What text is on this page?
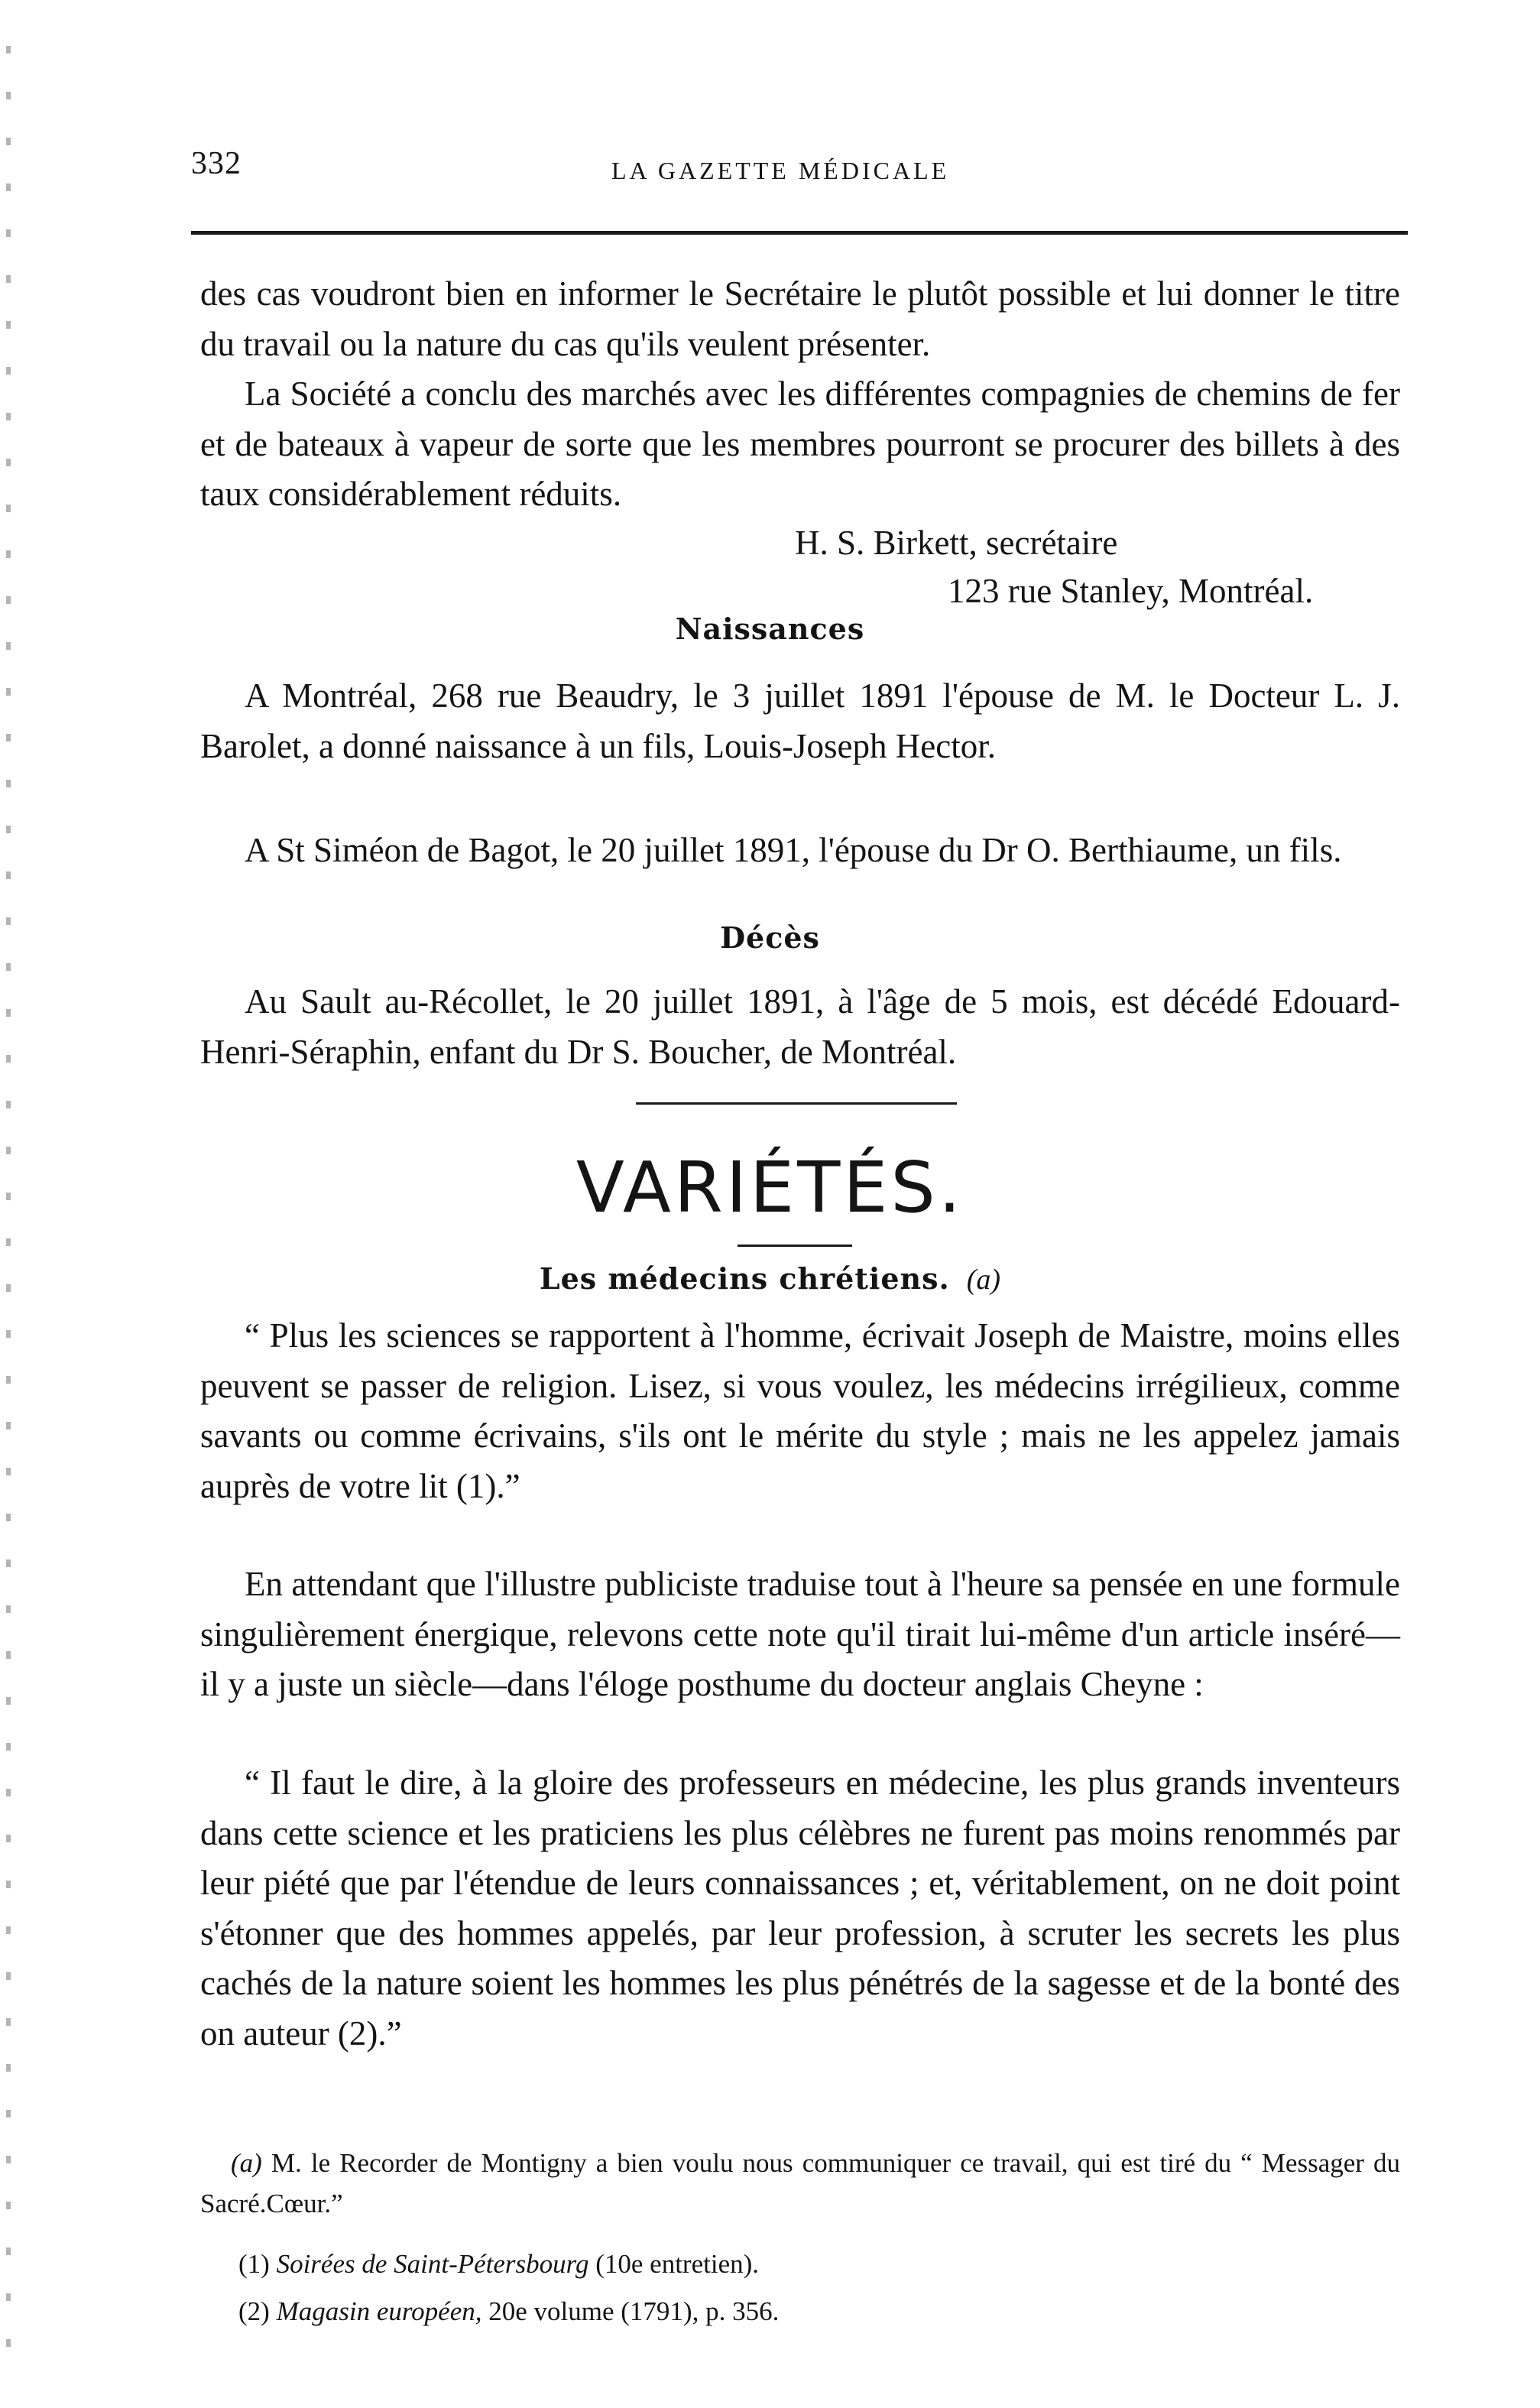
332	LA GAZETTE MÉDICALE
des cas voudront bien en informer le Secrétaire le plutôt possible et lui donner le titre du travail ou la nature du cas qu'ils veulent présenter.
La Société a conclu des marchés avec les différentes compagnies de chemins de fer et de bateaux à vapeur de sorte que les membres pourront se procurer des billets à des taux considérablement réduits.
H. S. Birkett, secrétaire
123 rue Stanley, Montréal.
Naissances
A Montréal, 268 rue Beaudry, le 3 juillet 1891 l'épouse de M. le Docteur L. J. Barolet, a donné naissance à un fils, Louis-Joseph Hector.
A St Siméon de Bagot, le 20 juillet 1891, l'épouse du Dr O. Berthiaume, un fils.
Décès
Au Sault au-Récollet, le 20 juillet 1891, à l'âge de 5 mois, est décédé Edouard-Henri-Séraphin, enfant du Dr S. Boucher, de Montréal.
VARIÉTÉS.
Les médecins chrétiens. (a)
“ Plus les sciences se rapportent à l'homme, écrivait Joseph de Maistre, moins elles peuvent se passer de religion. Lisez, si vous voulez, les médecins irrégilieux, comme savants ou comme écrivains, s'ils ont le mérite du style ; mais ne les appelez jamais auprès de votre lit (1).”
En attendant que l'illustre publiciste traduise tout à l'heure sa pensée en une formule singulièrement énergique, relevons cette note qu'il tirait lui-même d'un article inséré—il y a juste un siècle—dans l'éloge posthume du docteur anglais Cheyne :
“ Il faut le dire, à la gloire des professeurs en médecine, les plus grands inventeurs dans cette science et les praticiens les plus célèbres ne furent pas moins renommés par leur piété que par l'étendue de leurs connaissances ; et, véritablement, on ne doit point s'étonner que des hommes appelés, par leur profession, à scruter les secrets les plus cachés de la nature soient les hommes les plus pénétrés de la sagesse et de la bonté des on auteur (2).”
(a) M. le Recorder de Montigny a bien voulu nous communiquer ce travail, qui est tiré du “ Messager du Sacré.Cœur.”
(1) Soirées de Saint-Pétersbourg (10e entretien).
(2) Magasin européen, 20e volume (1791), p. 356.
